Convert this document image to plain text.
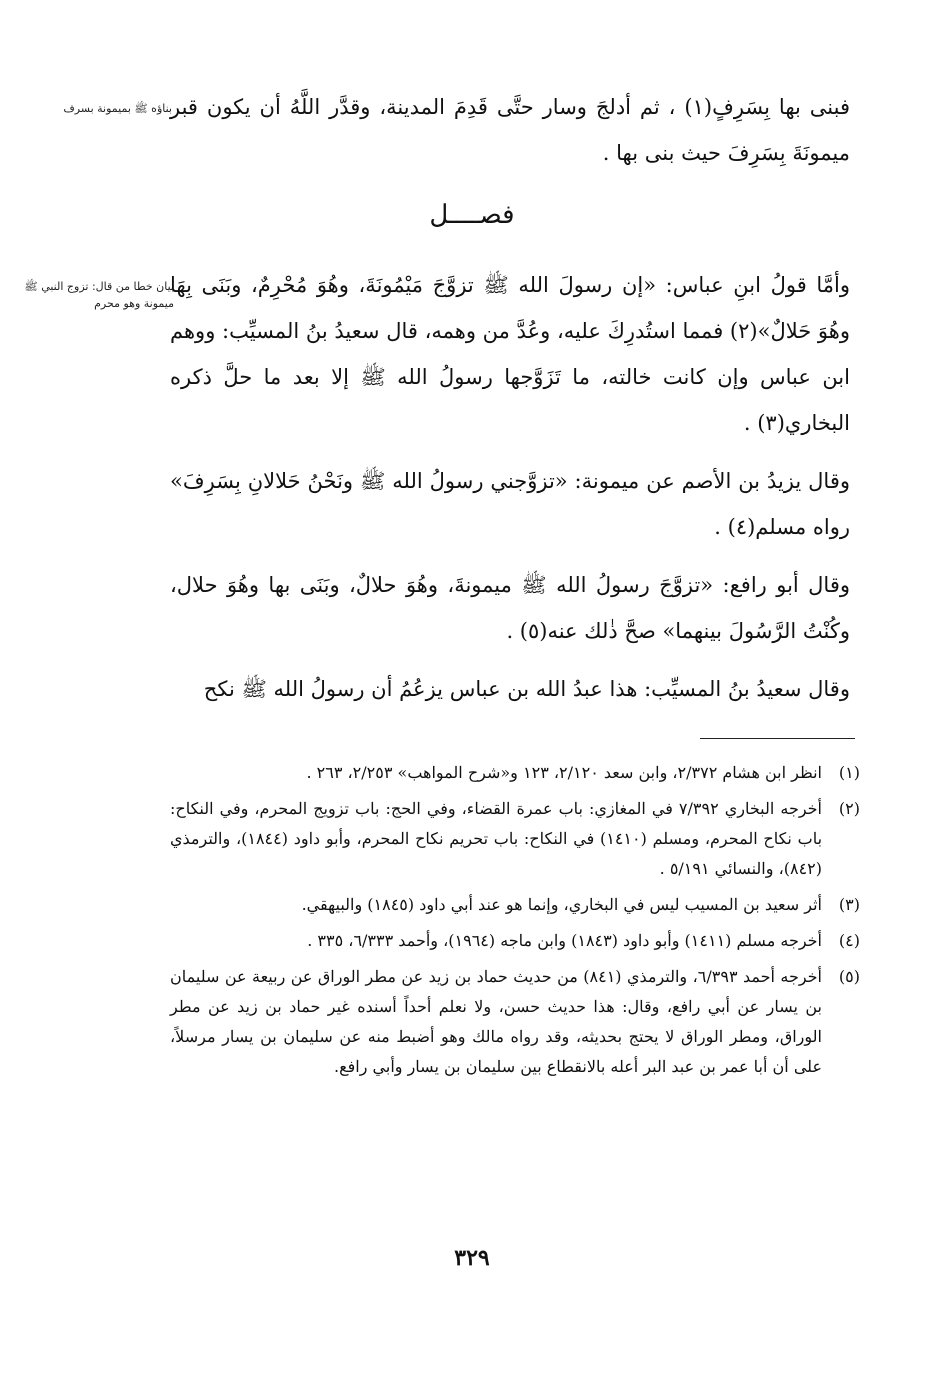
بناؤه ﷺ بميمونة بسرف

فبنى بها بِسَرِفٍ(١) ، ثم أدلجَ وسار حتَّى قَدِمَ المدينة، وقدَّر اللَّهُ أن يكون قبر ميمونَةَ بِسَرِفَ حيث بنى بها .

فصــــل
بيان خطا من قال: تزوج النبي ﷺ ميمونة وهو محرم

وأمَّا قولُ ابنِ عباس: «إن رسولَ الله ﷺ تزوَّجَ مَيْمُونَةَ، وهُوَ مُحْرِمٌ، وبَنَى بِهَا وهُوَ حَلالٌ»(٢) فمما استُدرِكَ عليه، وعُدَّ من وهمه، قال سعيدُ بنُ المسيِّب: ووهم ابن عباس وإن كانت خالته، ما تَزَوَّجها رسولُ الله ﷺ إلا بعد ما حلَّ ذكره البخاري(٣) .

وقال يزيدُ بن الأصم عن ميمونة: «تزوَّجني رسولُ الله ﷺ ونَحْنُ حَلالانِ بِسَرِفَ» رواه مسلم(٤) .

وقال أبو رافع: «تزوَّجَ رسولُ الله ﷺ ميمونةَ، وهُوَ حلالٌ، وبَنَى بها وهُوَ حلال، وكُنْتُ الرَّسُولَ بينهما» صحَّ ذٰلك عنه(٥) .

وقال سعيدُ بنُ المسيِّب: هذا عبدُ الله بن عباس يزعُمُ أن رسولُ الله ﷺ نكح

(١)
انظر ابن هشام ٢/٣٧٢، وابن سعد ٢/١٢٠، ١٢٣ و«شرح المواهب» ٢/٢٥٣، ٢٦٣ .
(٢)
أخرجه البخاري ٧/٣٩٢ في المغازي: باب عمرة القضاء، وفي الحج: باب تزويج المحرم، وفي النكاح: باب نكاح المحرم، ومسلم (١٤١٠) في النكاح: باب تحريم نكاح المحرم، وأبو داود (١٨٤٤)، والترمذي (٨٤٢)، والنسائي ٥/١٩١ .
(٣)
أثر سعيد بن المسيب ليس في البخاري، وإنما هو عند أبي داود (١٨٤٥) والبيهقي.
(٤)
أخرجه مسلم (١٤١١) وأبو داود (١٨٤٣) وابن ماجه (١٩٦٤)، وأحمد ٦/٣٣٣، ٣٣٥ .
(٥)
أخرجه أحمد ٦/٣٩٣، والترمذي (٨٤١) من حديث حماد بن زيد عن مطر الوراق عن ربيعة عن سليمان بن يسار عن أبي رافع، وقال: هذا حديث حسن، ولا نعلم أحداً أسنده غير حماد بن زيد عن مطر الوراق، ومطر الوراق لا يحتج بحديثه، وقد رواه مالك وهو أضبط منه عن سليمان بن يسار مرسلاً، على أن أبا عمر بن عبد البر أعله بالانقطاع بين سليمان بن يسار وأبي رافع.
٣٢٩
